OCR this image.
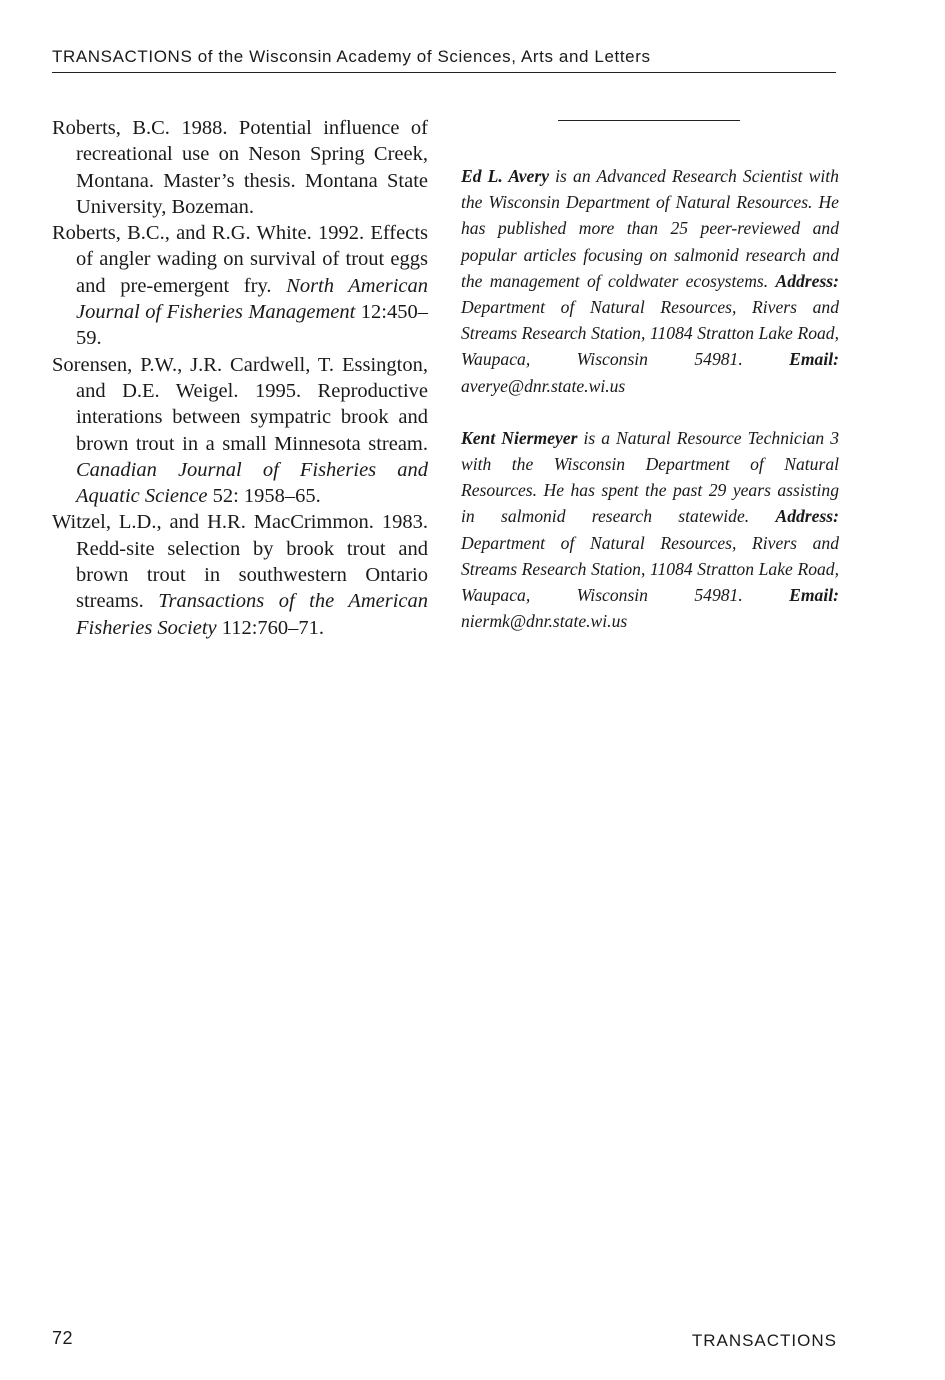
TRANSACTIONS of the Wisconsin Academy of Sciences, Arts and Letters

Roberts, B.C. 1988. Potential influence of recreational use on Neson Spring Creek, Montana. Master’s thesis. Montana State University, Bozeman.

Roberts, B.C., and R.G. White. 1992. Effects of angler wading on survival of trout eggs and pre-emergent fry. North American Journal of Fisheries Management 12:450–59.

Sorensen, P.W., J.R. Cardwell, T. Essington, and D.E. Weigel. 1995. Reproductive interations between sympatric brook and brown trout in a small Minnesota stream. Canadian Journal of Fisheries and Aquatic Science 52: 1958–65.

Witzel, L.D., and H.R. MacCrimmon. 1983. Redd-site selection by brook trout and brown trout in southwestern Ontario streams. Transactions of the American Fisheries Society 112:760–71.

Ed L. Avery is an Advanced Research Scientist with the Wisconsin Department of Natural Resources. He has published more than 25 peer-reviewed and popular articles focusing on salmonid research and the management of coldwater ecosystems. Address: Department of Natural Resources, Rivers and Streams Research Station, 11084 Stratton Lake Road, Waupaca, Wisconsin 54981. Email: averye@dnr.state.wi.us

Kent Niermeyer is a Natural Resource Technician 3 with the Wisconsin Department of Natural Resources. He has spent the past 29 years assisting in salmonid research statewide. Address: Department of Natural Resources, Rivers and Streams Research Station, 11084 Stratton Lake Road, Waupaca, Wisconsin 54981. Email: niermk@dnr.state.wi.us

72	TRANSACTIONS
